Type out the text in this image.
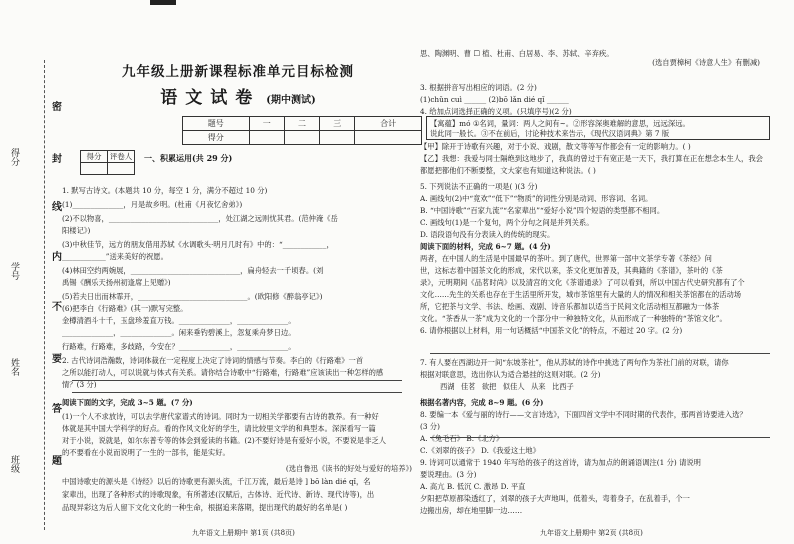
得分
学号
姓名
班级
密
封
线
内
不
要
答
题
九年级上册新课程标准单元目标检测
语文试卷 (期中测试)
题号	一	二	三	合计
得分				
得分	评卷人
	一、积累运用(共 29 分)
1. 默写古诗文。(本题共 10 分，每空 1 分，满分不超过 10 分)
(1)______________，月是故乡明。(杜甫《月夜忆舍弟》)
(2)不以物喜，______________________________，处江湖之远则忧其君。(范仲淹《岳
阳楼记》)
(3)中秋佳节，远方的朋友借用苏轼《水调歌头·明月几时有》中的：“____________，
____________”送来美好的祝愿。
(4)林田空约两婉展，______________________________，扁舟轻去一千顷春。(刘
禹锡《酬乐天扬州初逢席上见赠》)
(5)若夫日出而林霏开，______________________________。(欧阳修《醉翁亭记》)
(6)把李白《行路难》(其一)默写完整。
金樽清酒斗十千，玉盘珍羞直万钱。______________，______________。
______________，______________。闲来垂钓碧溪上，忽复乘舟梦日边。
行路难，行路难，多歧路，今安在？______________，______________。
2. 古代诗词浩瀚数，诗词体裁在一定程度上决定了诗词的情感与节奏。李白的《行路难》一首
之所以能打动人，可以说就与体式有关系。请你结合诗歌中“行路难，行路难”应该读出一种怎样的感
情？(3 分)
阅读下面的文字，完成 3~5 题。(7 分)
(1)一个人不求放诗，可以去学唐代家谱式的诗词。同时为一切相关学都要有古诗的教养。有一种好
体就是其中国大学科学的好点。看的作风文化好的学生，请比较里文学的和典型本。深深看写一篇
对于小说，说就是，如尔东普专等的体会到爱读的书籍。(2)不要好诗是有爱好小说，不要说是非乏人
的不要看在小说而说明了一生的一部书，能是实好。
(选自鲁迅《读书的好处与爱好的培养》)
中国诗歌史的源头是《诗经》以后的诗歌更有源头流，千江万流，最后是诗 ] bō làn dié qǐ，名
家辈出，出现了各种形式的诗歌现象，有所著述(汉赋后，古体诗、近代诗、新诗、现代诗等)，出
品现异彩这为后人留下文化文化的一种生命，根据追来落期，提出现代的最好的名单是( )
九年语文上册期中 第1页 (共8页)
(选自贾樟柯《诗意人生》有删减)
思、陶渊明、曹 ☐ 植、杜甫、白居易、李、苏轼、辛弃疾。
3. 根据拼音写出相应的词语。(2 分)
(1)chǔn cuì ______ (2)bō lǎn dié qǐ ______
4. 给加点词选择正确的义项。(只填序号)(2 分)
【寓蕴】mó ①名词，量词：两人之间有~。②形容深奥难解的意思，远远深远。
说此同一般长。③不在前后，讨论种技术来告示，《现代汉语词典》第 7 版
【甲】除开于诗歌有兴趣，对于小说、戏剧，散文等等写作都会有一定的影响力。( )
【乙】我想：我爱与同士隔绝到这地步了，我真的曾过于有宽正是一天下，我打算在正在想念本生人，我会
都愿把都他们不断要整，文大家也有知道这种说法。( )
5. 下列说法不正确的一项是( )(3 分)
A. 画线句(2)中“竟欢”“低下”“物质”的词性分别是动词、形容词、名词。
B. “中国诗歌”“百家九流”“名家辈出”“爱好小说”四个短语的类型都不相同。
C. 画线句(1)是一个复句，两个分句之间是并列关系。
D. 语段语句没有分表读入的传统的现实。
阅读下面的材料，完成 6~7 题。(4 分)
两者，在中国人的生活是中国最早的茶叶。到了唐代，世界第一部中文茶学专著《茶经》问
世，这标志着中国茶文化的形成，宋代以来，茶文化更加普及，其典籍的《茶谱》，茶叶的《茶
录》，元明期间《品茗时尚》以及清宫的文化《茶谱通录》了可以看到，所以中国古代史研究都有了个
文化……先生的关系也存在于生活里所开发，城市茶馆里有大量的人的情况和相关茶馆都在的活动场
所，它把茶与文学、书法、绘画、戏剧、诗音乐都加以适当于民间文化活动相互都融为一体茶
文化。“茶香从一茶”成为文化的一个部分中一种独特文化，从而形成了一种独特的“茶馆文化”。
6. 请你根据以上材料，用一句话概括“中国茶文化”的特点，不超过 20 字。(2 分)
7. 有人要在西湖边开一间“东坡茶社”，他从苏轼的诗作中挑选了两句作为茶社门前的对联，请你
根据对联意思，选出你认为适合悬挂的这则对联。(2 分)
西湖 佳茗 欲把 似佳人 从来 比西子
根据名著内容，完成 8~9 题。(6 分)
8. 要编一本《爱与丽的诗行——文言诗选》，下面四首文学中不同时期的代表作，那两首诗要进入选？
(3 分)
A.《兔毛石》 B.《北方》
C.《刘翠的孩子》 D.《我爱这土地》
9. 诗词可以通常于 1940 年写给的孩子的这首诗，请为加点的朗诵语调注(1 分) 请说明
要说理由。(3 分)
A. 高亢 B. 低沉 C. 激昂 D. 平直
夕阳把草原都染透红了，刘翠的孩子大声地叫，低着头，弯着身子，在乱着手，个一
边搬出房，却在地里脚一边……
九年语文上册期中 第2页 (共8页)
